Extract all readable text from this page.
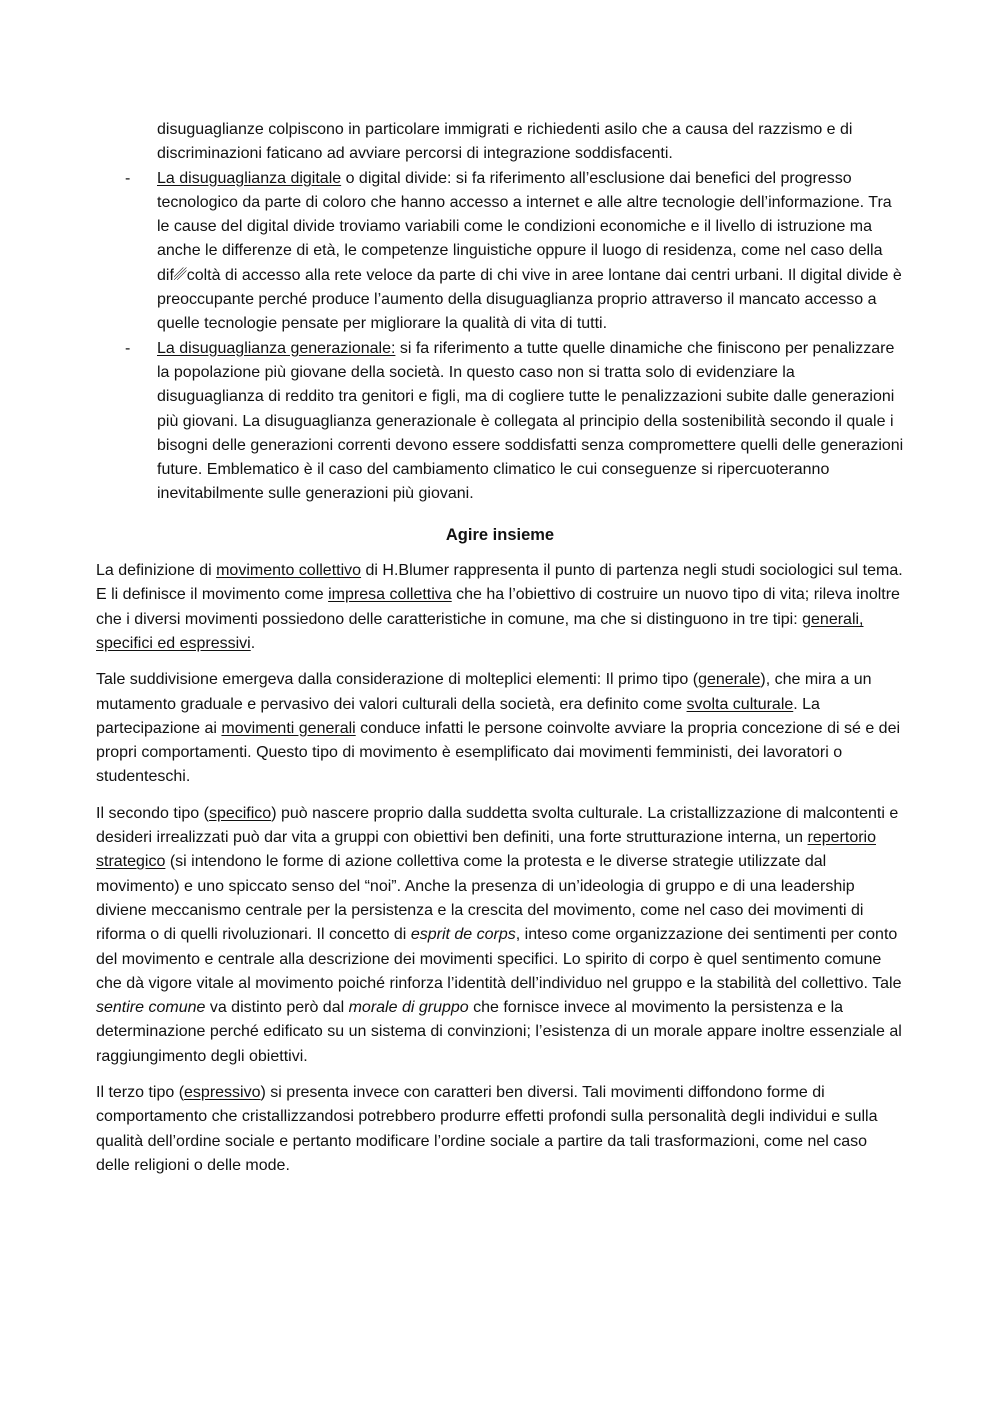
disuguaglianze colpiscono in particolare immigrati e richiedenti asilo che a causa del razzismo e di discriminazioni faticano ad avviare percorsi di integrazione soddisfacenti.
- La disuguaglianza digitale o digital divide: si fa riferimento all’esclusione dai benefici del progresso tecnologico da parte di coloro che hanno accesso a internet e alle altre tecnologie dell’informazione. Tra le cause del digital divide troviamo variabili come le condizioni economiche e il livello di istruzione ma anche le differenze di età, le competenze linguistiche oppure il luogo di residenza, come nel caso della dif␥coltà di accesso alla rete veloce da parte di chi vive in aree lontane dai centri urbani. Il digital divide è preoccupante perché produce l’aumento della disuguaglianza proprio attraverso il mancato accesso a quelle tecnologie pensate per migliorare la qualità di vita di tutti.
- La disuguaglianza generazionale: si fa riferimento a tutte quelle dinamiche che finiscono per penalizzare la popolazione più giovane della società. In questo caso non si tratta solo di evidenziare la disuguaglianza di reddito tra genitori e figli, ma di cogliere tutte le penalizzazioni subite dalle generazioni più giovani. La disuguaglianza generazionale è collegata al principio della sostenibilità secondo il quale i bisogni delle generazioni correnti devono essere soddisfatti senza compromettere quelli delle generazioni future. Emblematico è il caso del cambiamento climatico le cui conseguenze si ripercuoteranno inevitabilmente sulle generazioni più giovani.
Agire insieme

La definizione di movimento collettivo di H.Blumer rappresenta il punto di partenza negli studi sociologici sul tema. E li definisce il movimento come impresa collettiva che ha l’obiettivo di costruire un nuovo tipo di vita; rileva inoltre che i diversi movimenti possiedono delle caratteristiche in comune, ma che si distinguono in tre tipi: generali, specifici ed espressivi.

Tale suddivisione emergeva dalla considerazione di molteplici elementi: Il primo tipo (generale), che mira a un mutamento graduale e pervasivo dei valori culturali della società, era definito come svolta culturale. La partecipazione ai movimenti generali conduce infatti le persone coinvolte avviare la propria concezione di sé e dei propri comportamenti. Questo tipo di movimento è esemplificato dai movimenti femministi, dei lavoratori o studenteschi.

Il secondo tipo (specifico) può nascere proprio dalla suddetta svolta culturale. La cristallizzazione di malcontenti e desideri irrealizzati può dar vita a gruppi con obiettivi ben definiti, una forte strutturazione interna, un repertorio strategico (si intendono le forme di azione collettiva come la protesta e le diverse strategie utilizzate dal movimento) e uno spiccato senso del “noi”. Anche la presenza di un’ideologia di gruppo e di una leadership diviene meccanismo centrale per la persistenza e la crescita del movimento, come nel caso dei movimenti di riforma o di quelli rivoluzionari. Il concetto di esprit de corps, inteso come organizzazione dei sentimenti per conto del movimento e centrale alla descrizione dei movimenti specifici. Lo spirito di corpo è quel sentimento comune che dà vigore vitale al movimento poiché rinforza l’identità dell’individuo nel gruppo e la stabilità del collettivo. Tale sentire comune va distinto però dal morale di gruppo che fornisce invece al movimento la persistenza e la determinazione perché edificato su un sistema di convinzioni; l’esistenza di un morale appare inoltre essenziale al raggiungimento degli obiettivi.

Il terzo tipo (espressivo) si presenta invece con caratteri ben diversi. Tali movimenti diffondono forme di comportamento che cristallizzandosi potrebbero produrre effetti profondi sulla personalità degli individui e sulla qualità dell’ordine sociale e pertanto modificare l’ordine sociale a partire da tali trasformazioni, come nel caso delle religioni o delle mode.
